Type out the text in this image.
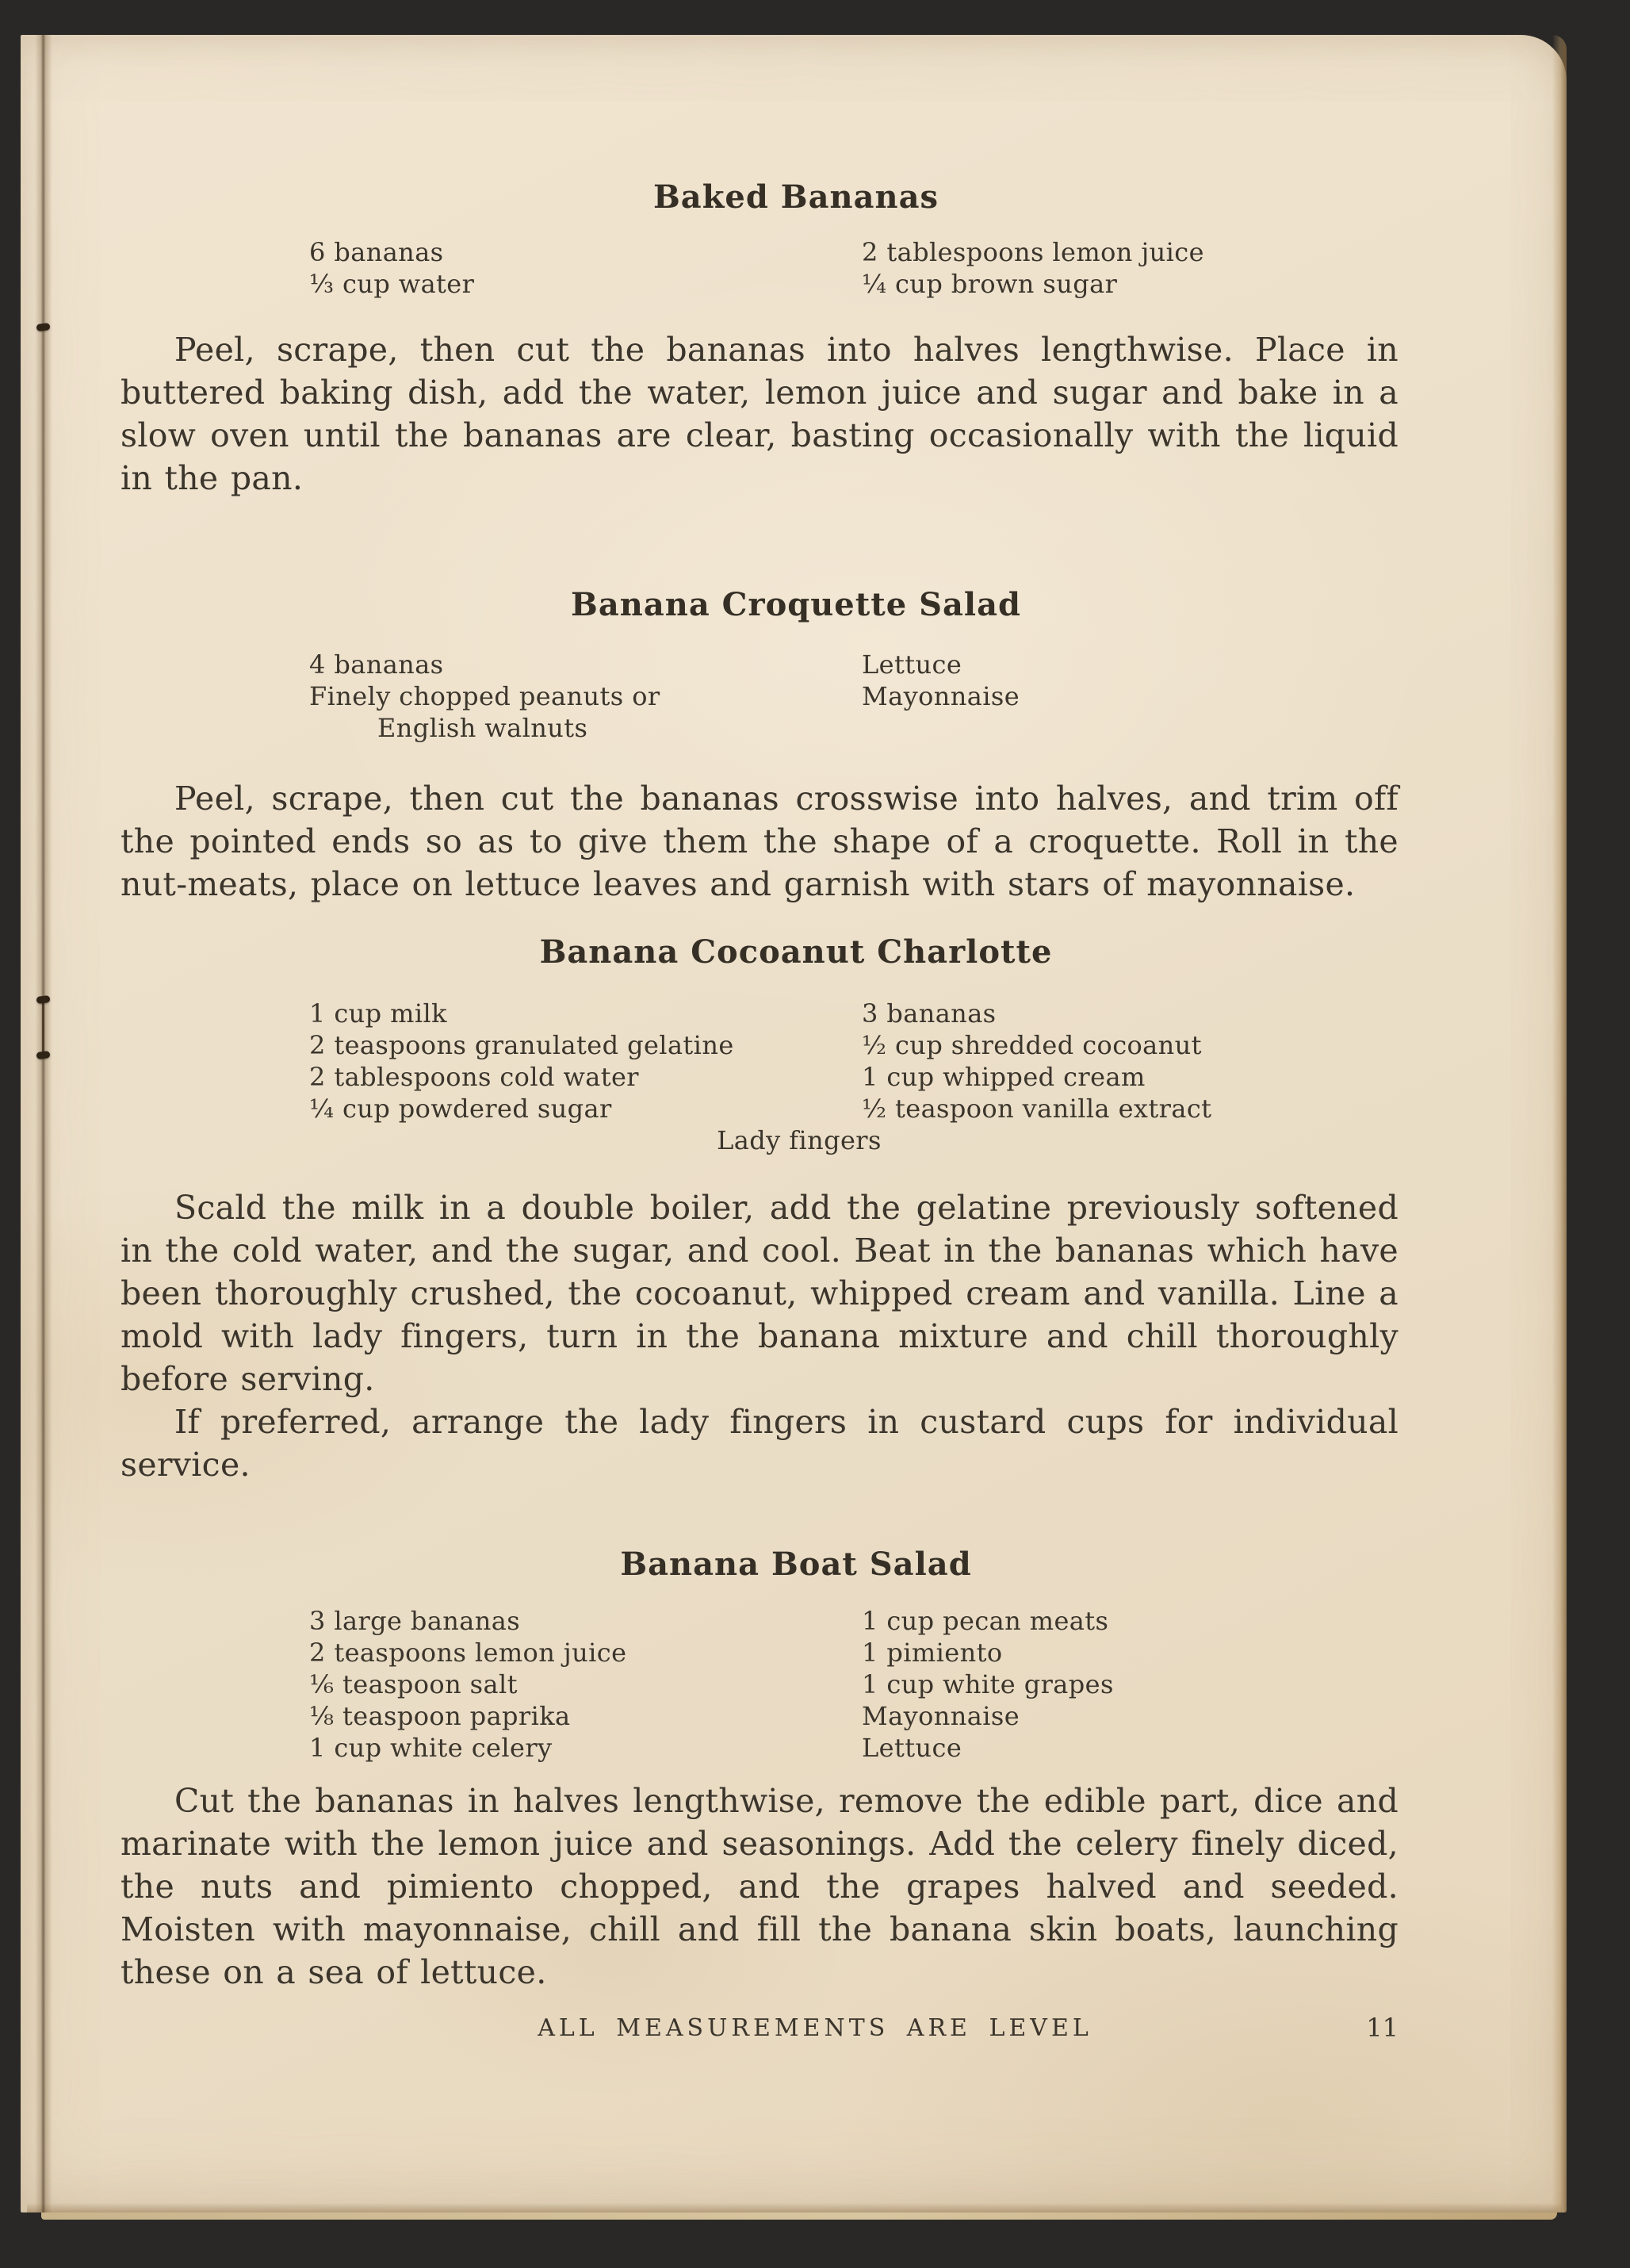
Baked Bananas
6 bananas
⅓ cup water
2 tablespoons lemon juice
¼ cup brown sugar

Peel, scrape, then cut the bananas into halves lengthwise. Place in buttered baking dish, add the water, lemon juice and sugar and bake in a slow oven until the bananas are clear, basting occasionally with the liquid in the pan.

Banana Croquette Salad
4 bananas
Finely chopped peanuts or
English walnuts
Lettuce
Mayonnaise

Peel, scrape, then cut the bananas crosswise into halves, and trim off the pointed ends so as to give them the shape of a croquette. Roll in the nut-meats, place on lettuce leaves and garnish with stars of mayonnaise.

Banana Cocoanut Charlotte
1 cup milk
2 teaspoons granulated gelatine
2 tablespoons cold water
¼ cup powdered sugar
3 bananas
½ cup shredded cocoanut
1 cup whipped cream
½ teaspoon vanilla extract
Lady fingers

Scald the milk in a double boiler, add the gelatine previously softened in the cold water, and the sugar, and cool. Beat in the bananas which have been thoroughly crushed, the cocoanut, whipped cream and vanilla. Line a mold with lady fingers, turn in the banana mixture and chill thoroughly before serving.

If preferred, arrange the lady fingers in custard cups for individual service.

Banana Boat Salad
3 large bananas
2 teaspoons lemon juice
⅙ teaspoon salt
⅛ teaspoon paprika
1 cup white celery
1 cup pecan meats
1 pimiento
1 cup white grapes
Mayonnaise
Lettuce

Cut the bananas in halves lengthwise, remove the edible part, dice and marinate with the lemon juice and seasonings. Add the celery finely diced, the nuts and pimiento chopped, and the grapes halved and seeded. Moisten with mayonnaise, chill and fill the banana skin boats, launching these on a sea of lettuce.

ALL MEASUREMENTS ARE LEVEL	11
